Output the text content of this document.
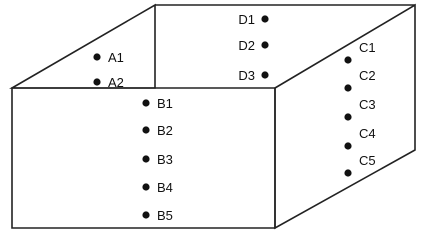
A1
A2
B1
B2
B3
B4
B5
C1
C2
C3
C4
C5
D1
D2
D3
